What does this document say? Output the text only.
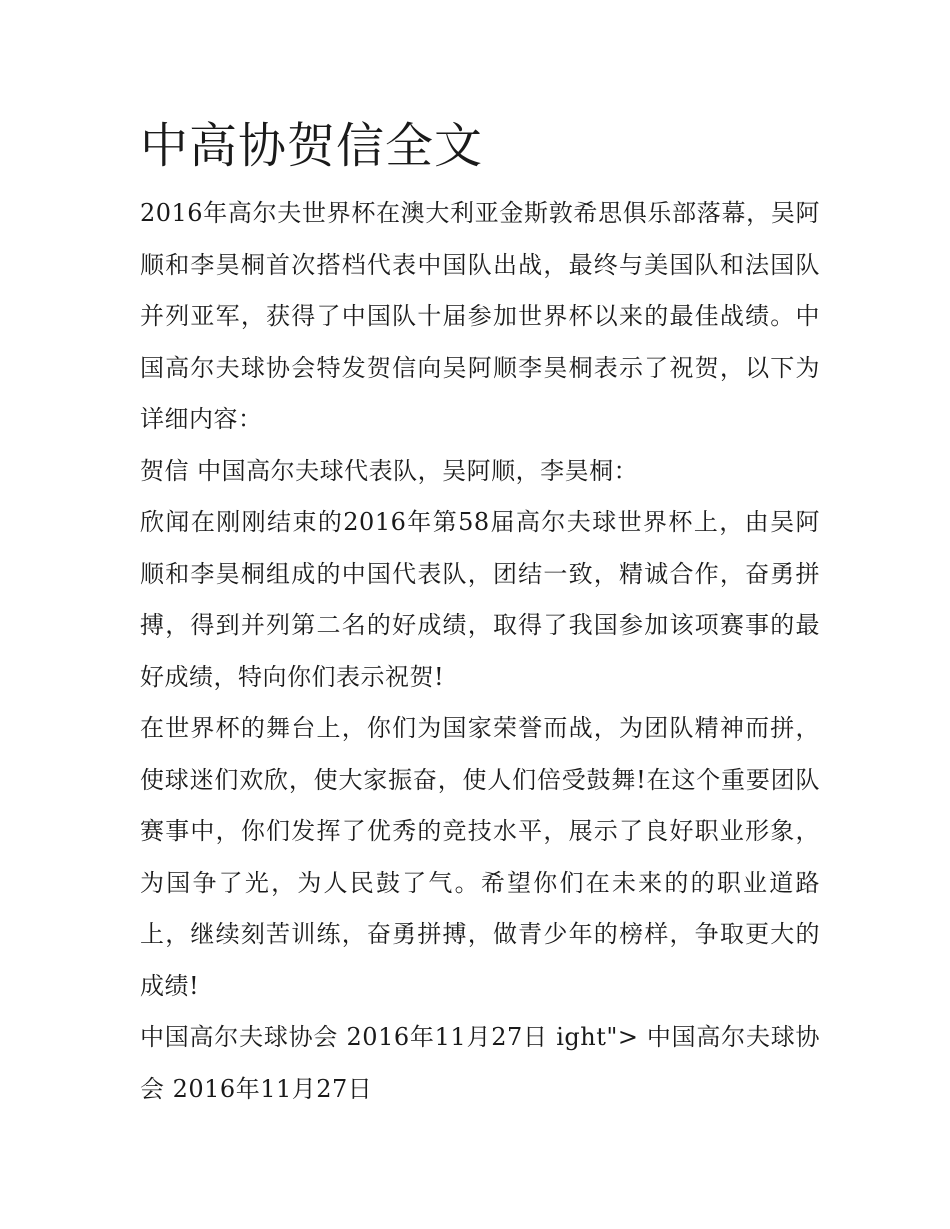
中高协贺信全文

2016年高尔夫世界杯在澳大利亚金斯敦希思俱乐部落幕，吴阿顺和李昊桐首次搭档代表中国队出战，最终与美国队和法国队并列亚军，获得了中国队十届参加世界杯以来的最佳战绩。中国高尔夫球协会特发贺信向吴阿顺李昊桐表示了祝贺，以下为详细内容：

贺信 中国高尔夫球代表队，吴阿顺，李昊桐：

欣闻在刚刚结束的2016年第58届高尔夫球世界杯上，由吴阿顺和李昊桐组成的中国代表队，团结一致，精诚合作，奋勇拼搏，得到并列第二名的好成绩，取得了我国参加该项赛事的最好成绩，特向你们表示祝贺!

在世界杯的舞台上，你们为国家荣誉而战，为团队精神而拼，使球迷们欢欣，使大家振奋，使人们倍受鼓舞!在这个重要团队赛事中，你们发挥了优秀的竞技水平，展示了良好职业形象，为国争了光，为人民鼓了气。希望你们在未来的的职业道路上，继续刻苦训练，奋勇拼搏，做青少年的榜样，争取更大的成绩!

中国高尔夫球协会 2016年11月27日 ight"> 中国高尔夫球协会 2016年11月27日
